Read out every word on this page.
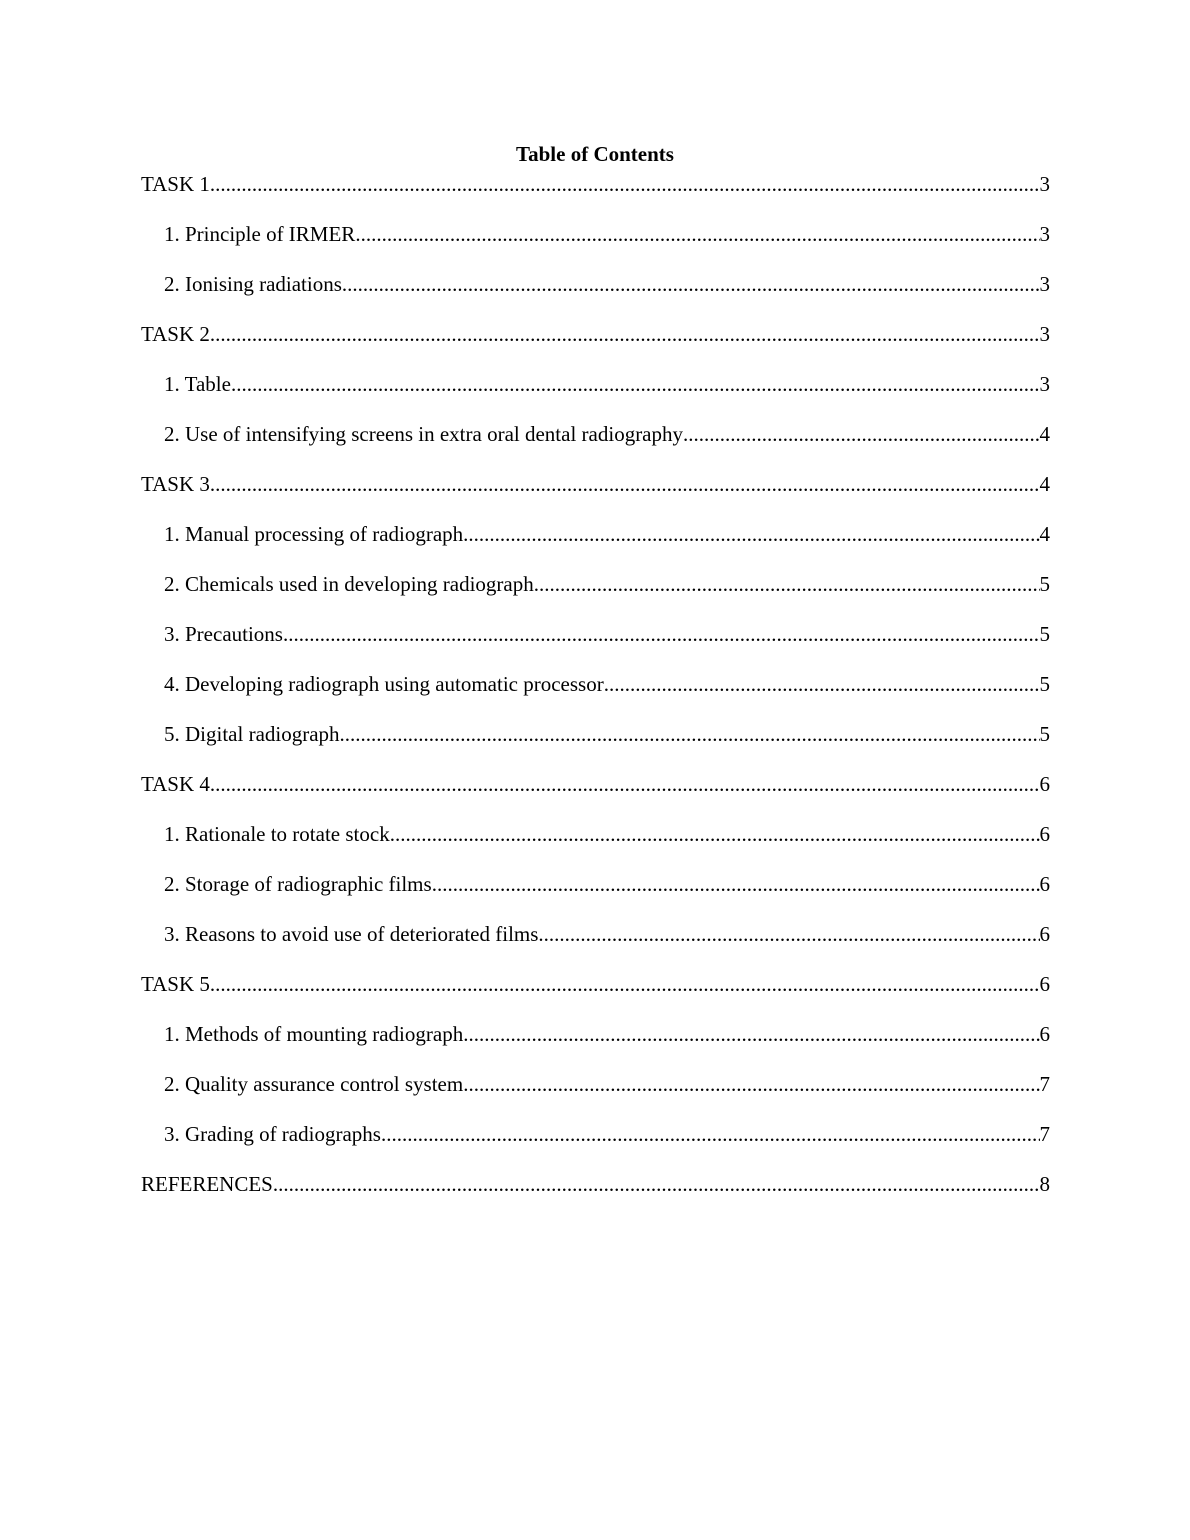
Table of Contents
TASK 1 .....	3
1. Principle of IRMER .....	3
2. Ionising radiations .....	3
TASK 2 .....	3
1. Table .....	3
2. Use of intensifying screens in extra oral dental radiography .....	4
TASK 3 .....	4
1. Manual processing of radiograph .....	4
2. Chemicals used in developing radiograph .....	5
3. Precautions .....	5
4. Developing radiograph using automatic processor .....	5
5. Digital radiograph .....	5
TASK 4 .....	6
1. Rationale to rotate stock .....	6
2. Storage of radiographic films .....	6
3. Reasons to avoid use of deteriorated films .....	6
TASK 5 .....	6
1. Methods of mounting radiograph .....	6
2. Quality assurance control system .....	7
3. Grading of radiographs .....	7
REFERENCES .....	8
